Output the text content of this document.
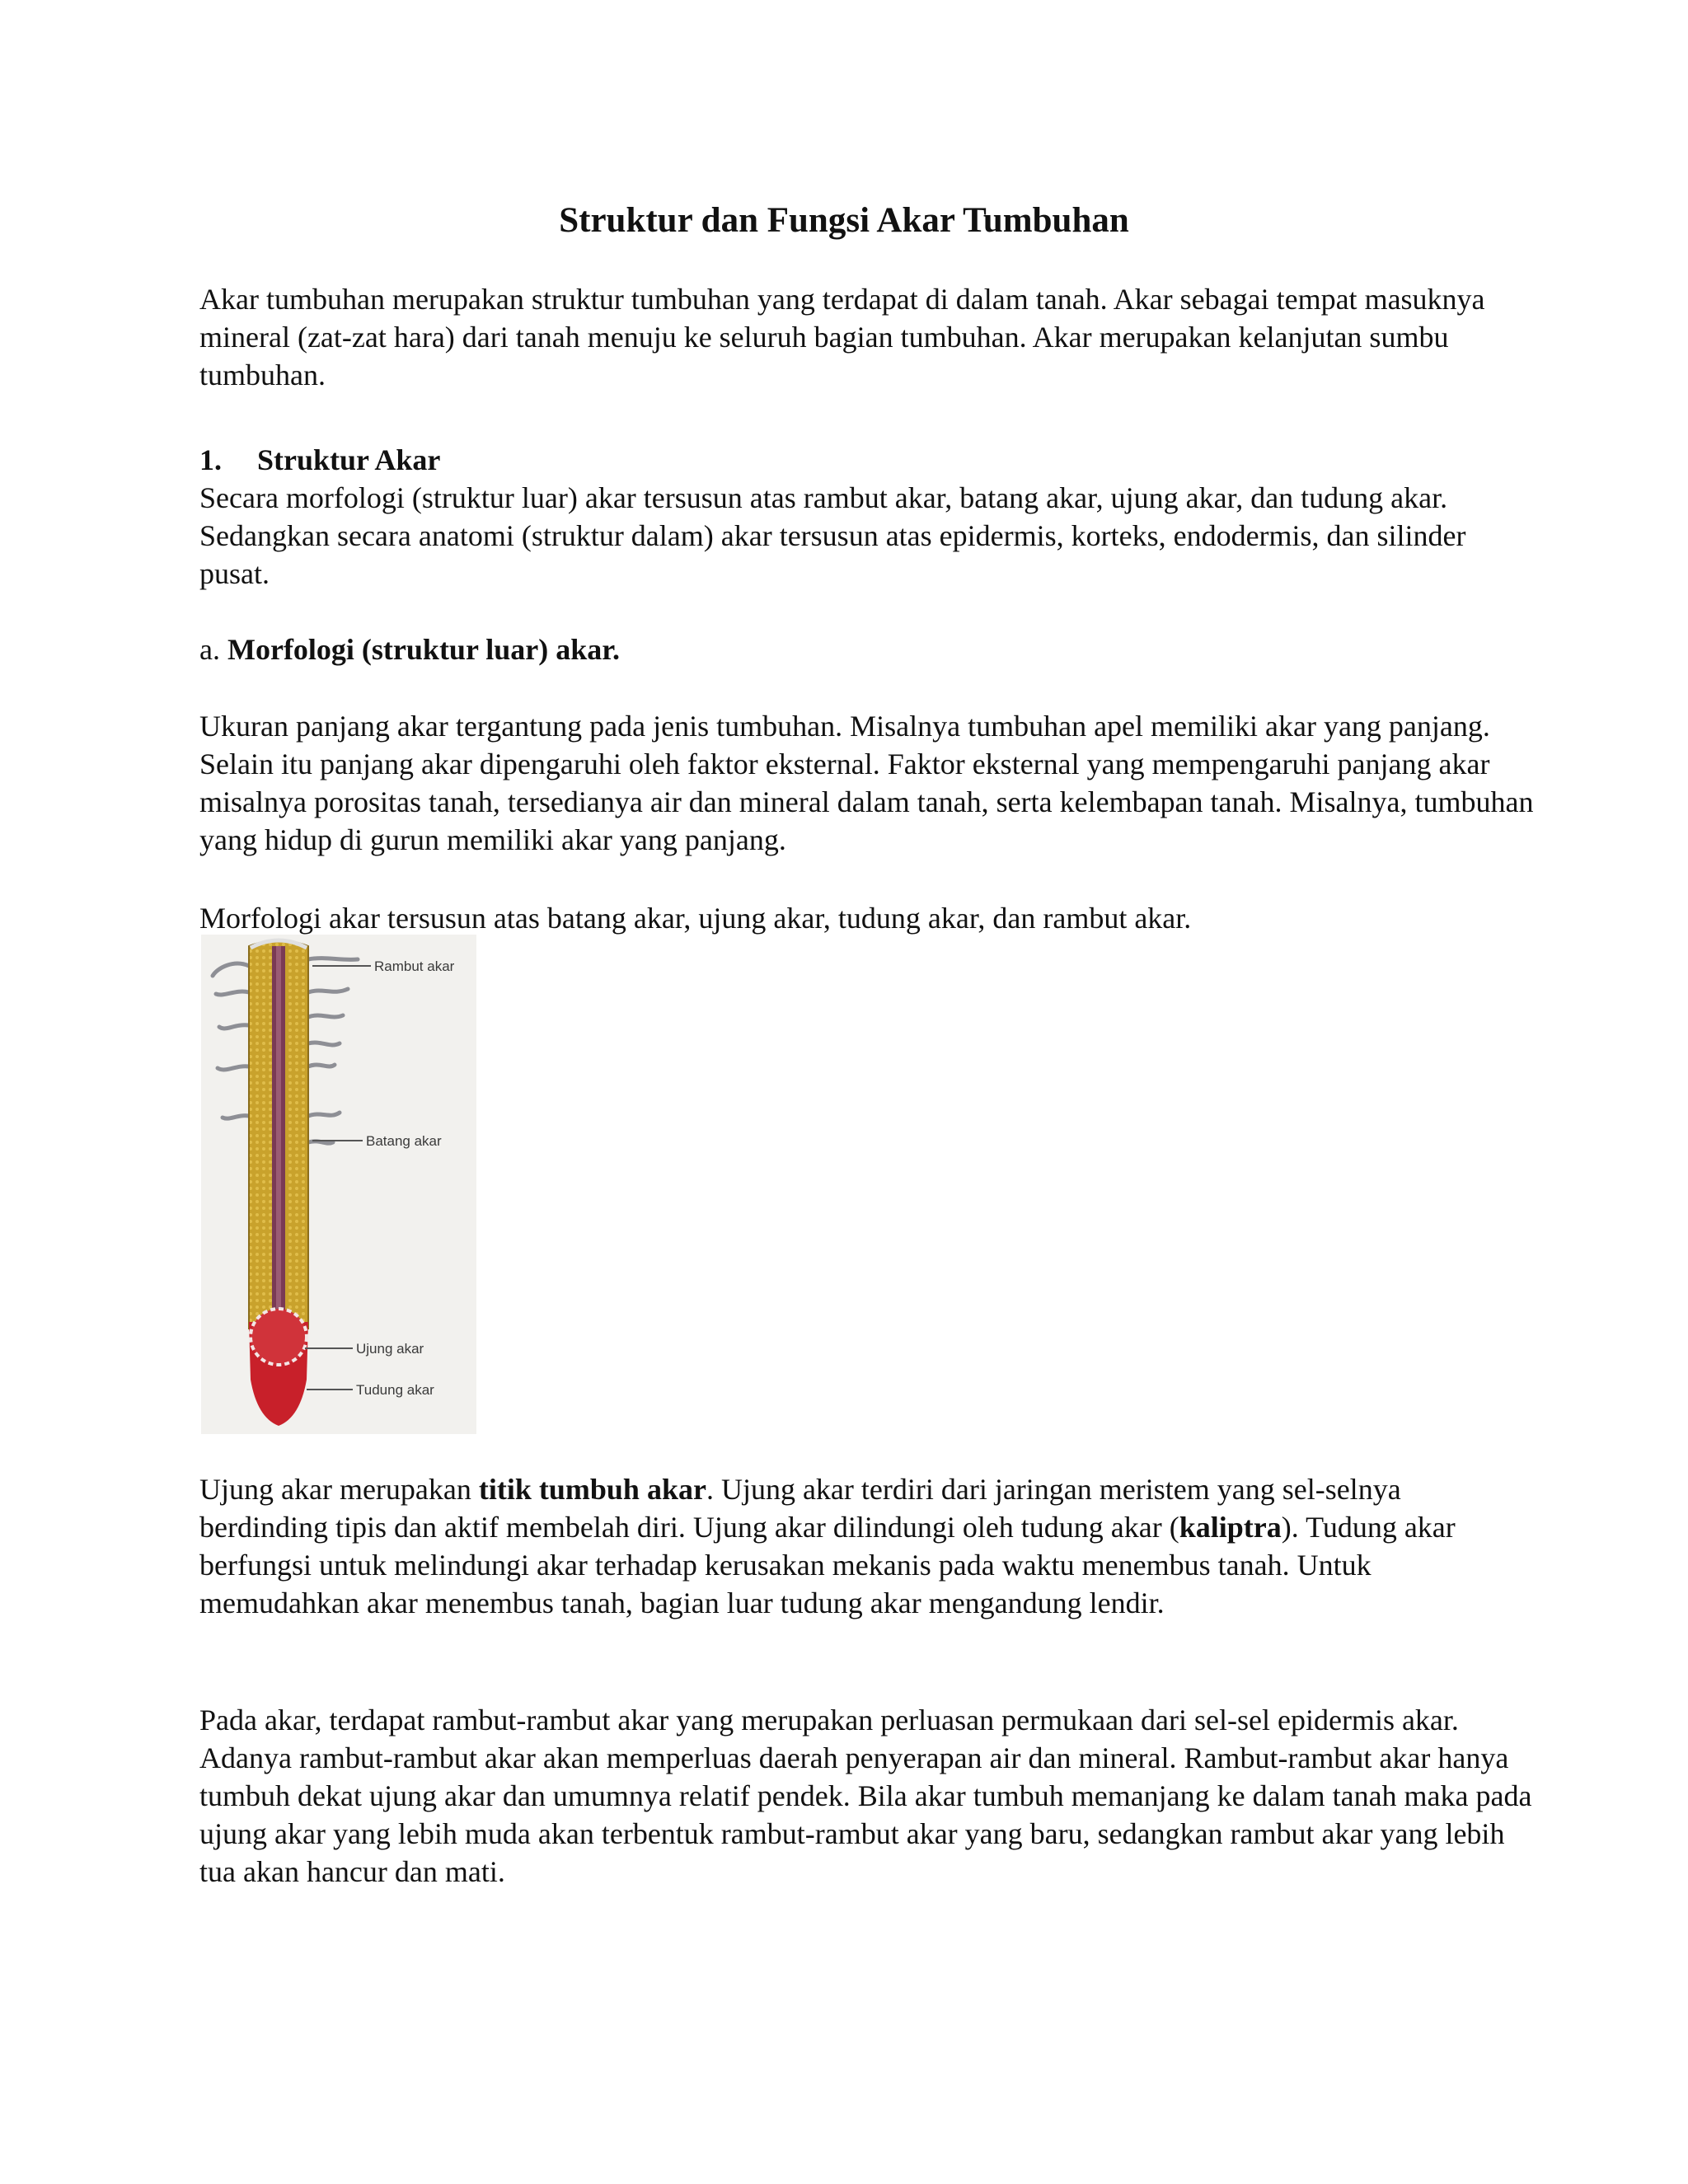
Struktur dan Fungsi Akar Tumbuhan

Akar tumbuhan merupakan struktur tumbuhan yang terdapat di dalam tanah. Akar sebagai tempat masuknya mineral (zat-zat hara) dari tanah menuju ke seluruh bagian tumbuhan. Akar merupakan kelanjutan sumbu tumbuhan.

1. Struktur Akar

Secara morfologi (struktur luar) akar tersusun atas rambut akar, batang akar, ujung akar, dan tudung akar. Sedangkan secara anatomi (struktur dalam) akar tersusun atas epidermis, korteks, endodermis, dan silinder pusat.

a. Morfologi (struktur luar) akar.

Ukuran panjang akar tergantung pada jenis tumbuhan. Misalnya tumbuhan apel memiliki akar yang panjang. Selain itu panjang akar dipengaruhi oleh faktor eksternal. Faktor eksternal yang mempengaruhi panjang akar misalnya porositas tanah, tersedianya air dan mineral dalam tanah, serta kelembapan tanah. Misalnya, tumbuhan yang hidup di gurun memiliki akar yang panjang.

Morfologi akar tersusun atas batang akar, ujung akar, tudung akar, dan rambut akar.

Rambut akar
Batang akar
Ujung akar
Tudung akar

Ujung akar merupakan titik tumbuh akar. Ujung akar terdiri dari jaringan meristem yang sel-selnya berdinding tipis dan aktif membelah diri. Ujung akar dilindungi oleh tudung akar (kaliptra). Tudung akar berfungsi untuk melindungi akar terhadap kerusakan mekanis pada waktu menembus tanah. Untuk memudahkan akar menembus tanah, bagian luar tudung akar mengandung lendir.

Pada akar, terdapat rambut-rambut akar yang merupakan perluasan permukaan dari sel-sel epidermis akar. Adanya rambut-rambut akar akan memperluas daerah penyerapan air dan mineral. Rambut-rambut akar hanya tumbuh dekat ujung akar dan umumnya relatif pendek. Bila akar tumbuh memanjang ke dalam tanah maka pada ujung akar yang lebih muda akan terbentuk rambut-rambut akar yang baru, sedangkan rambut akar yang lebih tua akan hancur dan mati.
